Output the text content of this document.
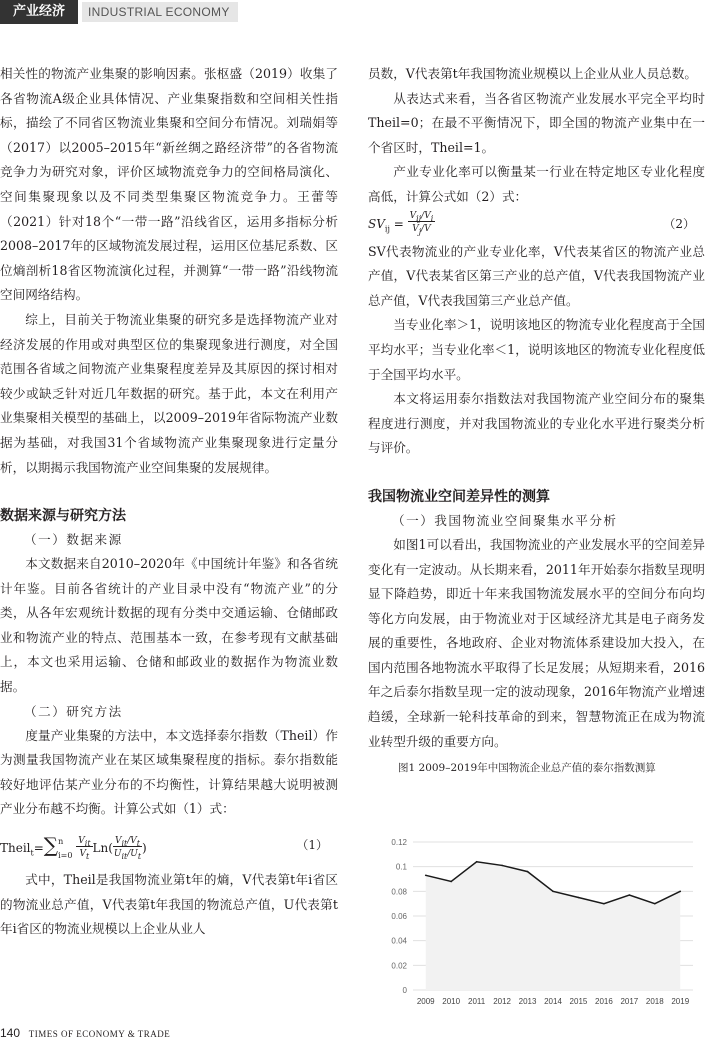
产业经济	INDUSTRIAL ECONOMY

相关性的物流产业集聚的影响因素。张枢盛（2019）收集了各省物流A级企业具体情况、产业集聚指数和空间相关性指标，描绘了不同省区物流业集聚和空间分布情况。刘瑞娟等（2017）以2005–2015年“新丝绸之路经济带”的各省物流竞争力为研究对象，评价区域物流竞争力的空间格局演化、空间集聚现象以及不同类型集聚区物流竞争力。王蕾等（2021）针对18个“一带一路”沿线省区，运用多指标分析2008–2017年的区域物流发展过程，运用区位基尼系数、区位熵剖析18省区物流演化过程，并测算“一带一路”沿线物流空间网络结构。

综上，目前关于物流业集聚的研究多是选择物流产业对经济发展的作用或对典型区位的集聚现象进行测度，对全国范围各省域之间物流产业集聚程度差异及其原因的探讨相对较少或缺乏针对近几年数据的研究。基于此，本文在利用产业集聚相关模型的基础上，以2009–2019年省际物流产业数据为基础，对我国31个省域物流产业集聚现象进行定量分析，以期揭示我国物流产业空间集聚的发展规律。

数据来源与研究方法
（一）数据来源

本文数据来自2010–2020年《中国统计年鉴》和各省统计年鉴。目前各省统计的产业目录中没有“物流产业”的分类，从各年宏观统计数据的现有分类中交通运输、仓储邮政业和物流产业的特点、范围基本一致，在参考现有文献基础上，本文也采用运输、仓储和邮政业的数据作为物流业数据。

（二）研究方法

度量产业集聚的方法中，本文选择泰尔指数（Theil）作为测量我国物流产业在某区域集聚程度的指标。泰尔指数能较好地评估某产业分布的不均衡性，计算结果越大说明被测产业分布越不均衡。计算公式如（1）式：

Theil$_t$=∑n
$i=0 \frac{V_{it}}{V_t}Ln(\frac{V_{it}/V_t}{U_{it}/U_t})$	（1）

式中，Theil是我国物流业第t年的熵，V代表第t年i省区的物流业总产值，V代表第t年我国的物流总产值，U代表第t年i省区的物流业规模以上企业从业人

员数，V代表第t年我国物流业规模以上企业从业人员总数。

从表达式来看，当各省区物流产业发展水平完全平均时Theil=0；在最不平衡情况下，即全国的物流产业集中在一个省区时，Theil=1。

产业专业化率可以衡量某一行业在特定地区专业化程度高低，计算公式如（2）式：

$SV_{ij} = \frac{V_{ij}/V_i}{V_j/V}$	（2）

SV代表物流业的产业专业化率，V代表某省区的物流产业总产值，V代表某省区第三产业的总产值，V代表我国物流产业总产值，V代表我国第三产业总产值。

当专业化率＞1，说明该地区的物流专业化程度高于全国平均水平；当专业化率＜1，说明该地区的物流专业化程度低于全国平均水平。

本文将运用泰尔指数法对我国物流产业空间分布的聚集程度进行测度，并对我国物流业的专业化水平进行聚类分析与评价。

我国物流业空间差异性的测算
（一）我国物流业空间聚集水平分析

如图1可以看出，我国物流业的产业发展水平的空间差异变化有一定波动。从长期来看，2011年开始泰尔指数呈现明显下降趋势，即近十年来我国物流发展水平的空间分布向均等化方向发展，由于物流业对于区域经济尤其是电子商务发展的重要性，各地政府、企业对物流体系建设加大投入，在国内范围各地物流水平取得了长足发展；从短期来看，2016年之后泰尔指数呈现一定的波动现象，2016年物流产业增速趋缓，全球新一轮科技革命的到来，智慧物流正在成为物流业转型升级的重要方向。

图1 2009–2019年中国物流企业总产值的泰尔指数测算
0
0.02
0.04
0.06
0.08
0.1
0.12
2009 2010 2011 2012 2013 2014 2015 2016 2017 2018 2019
140 TIMES OF ECONOMY & TRADE
